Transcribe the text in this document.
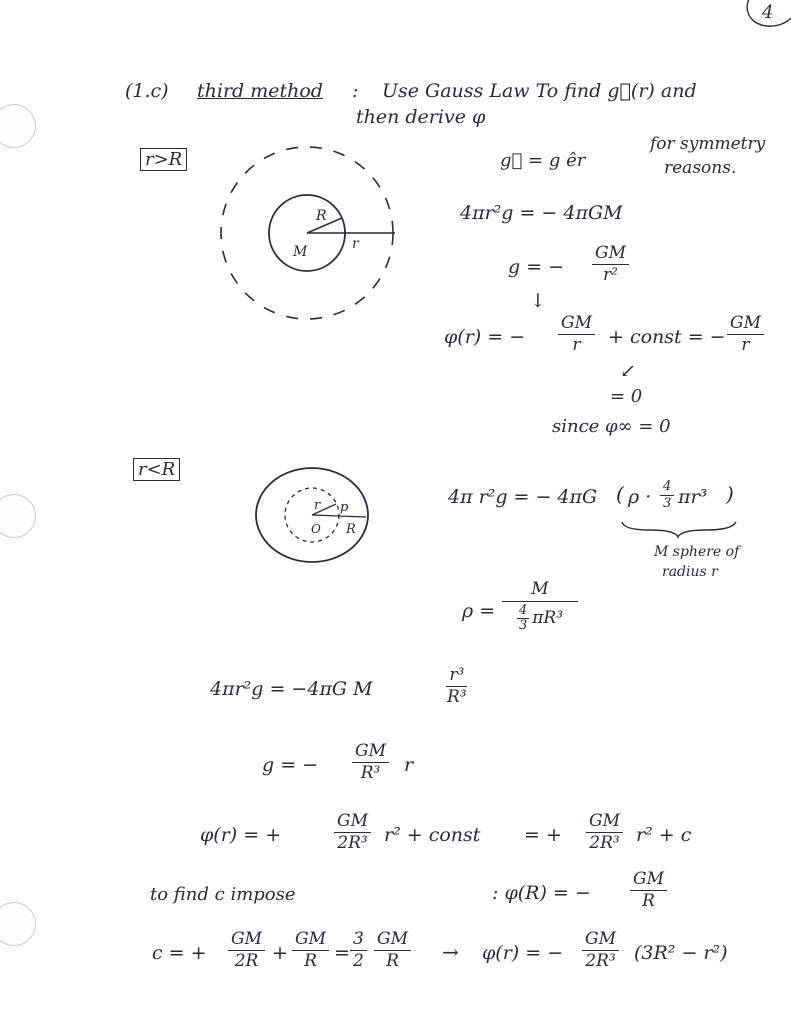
4
(1.c) third method : Use Gauss Law To find g⃗(r) and
then derive φ
r>R
R
M	r
g⃗ = g êr
for symmetry
reasons.
4πr²g = − 4πGM
g = − $\frac{GM}{\text{r²}}$
↓
φ(r) = − $\frac{GM}{r}$ + const = − $\frac{GM}{r}$
↙
= 0
since φ∞ = 0
r<R
r p
O R
4π r²g = − 4πG ( $\rho \cdot \frac{4}{3} \pi r^3$ )
M sphere of
radius r
$\rho = \frac{M}{\frac{4}{3} \pi R^3}$
4πr²g = −4πG M	$\frac{\text{r³}}{\text{R³}}$
g = − $\frac{GM}{\text{R³}}$ r
φ(r) = +	$\frac{GM}{\text{2R³}} r^2$ + const = + $\frac{GM}{\text{2R³}} r^2 + c$
to find c impose	: φ(R) = − $\frac{GM}{R}$
c = + $\frac{GM}{2R} + \frac{GM}{R} = \frac{3}{2} \frac{GM}{R} \to \varphi(r)$ = − $\frac{GM}{\text{2R³}} (3R^2 - r^2)$
